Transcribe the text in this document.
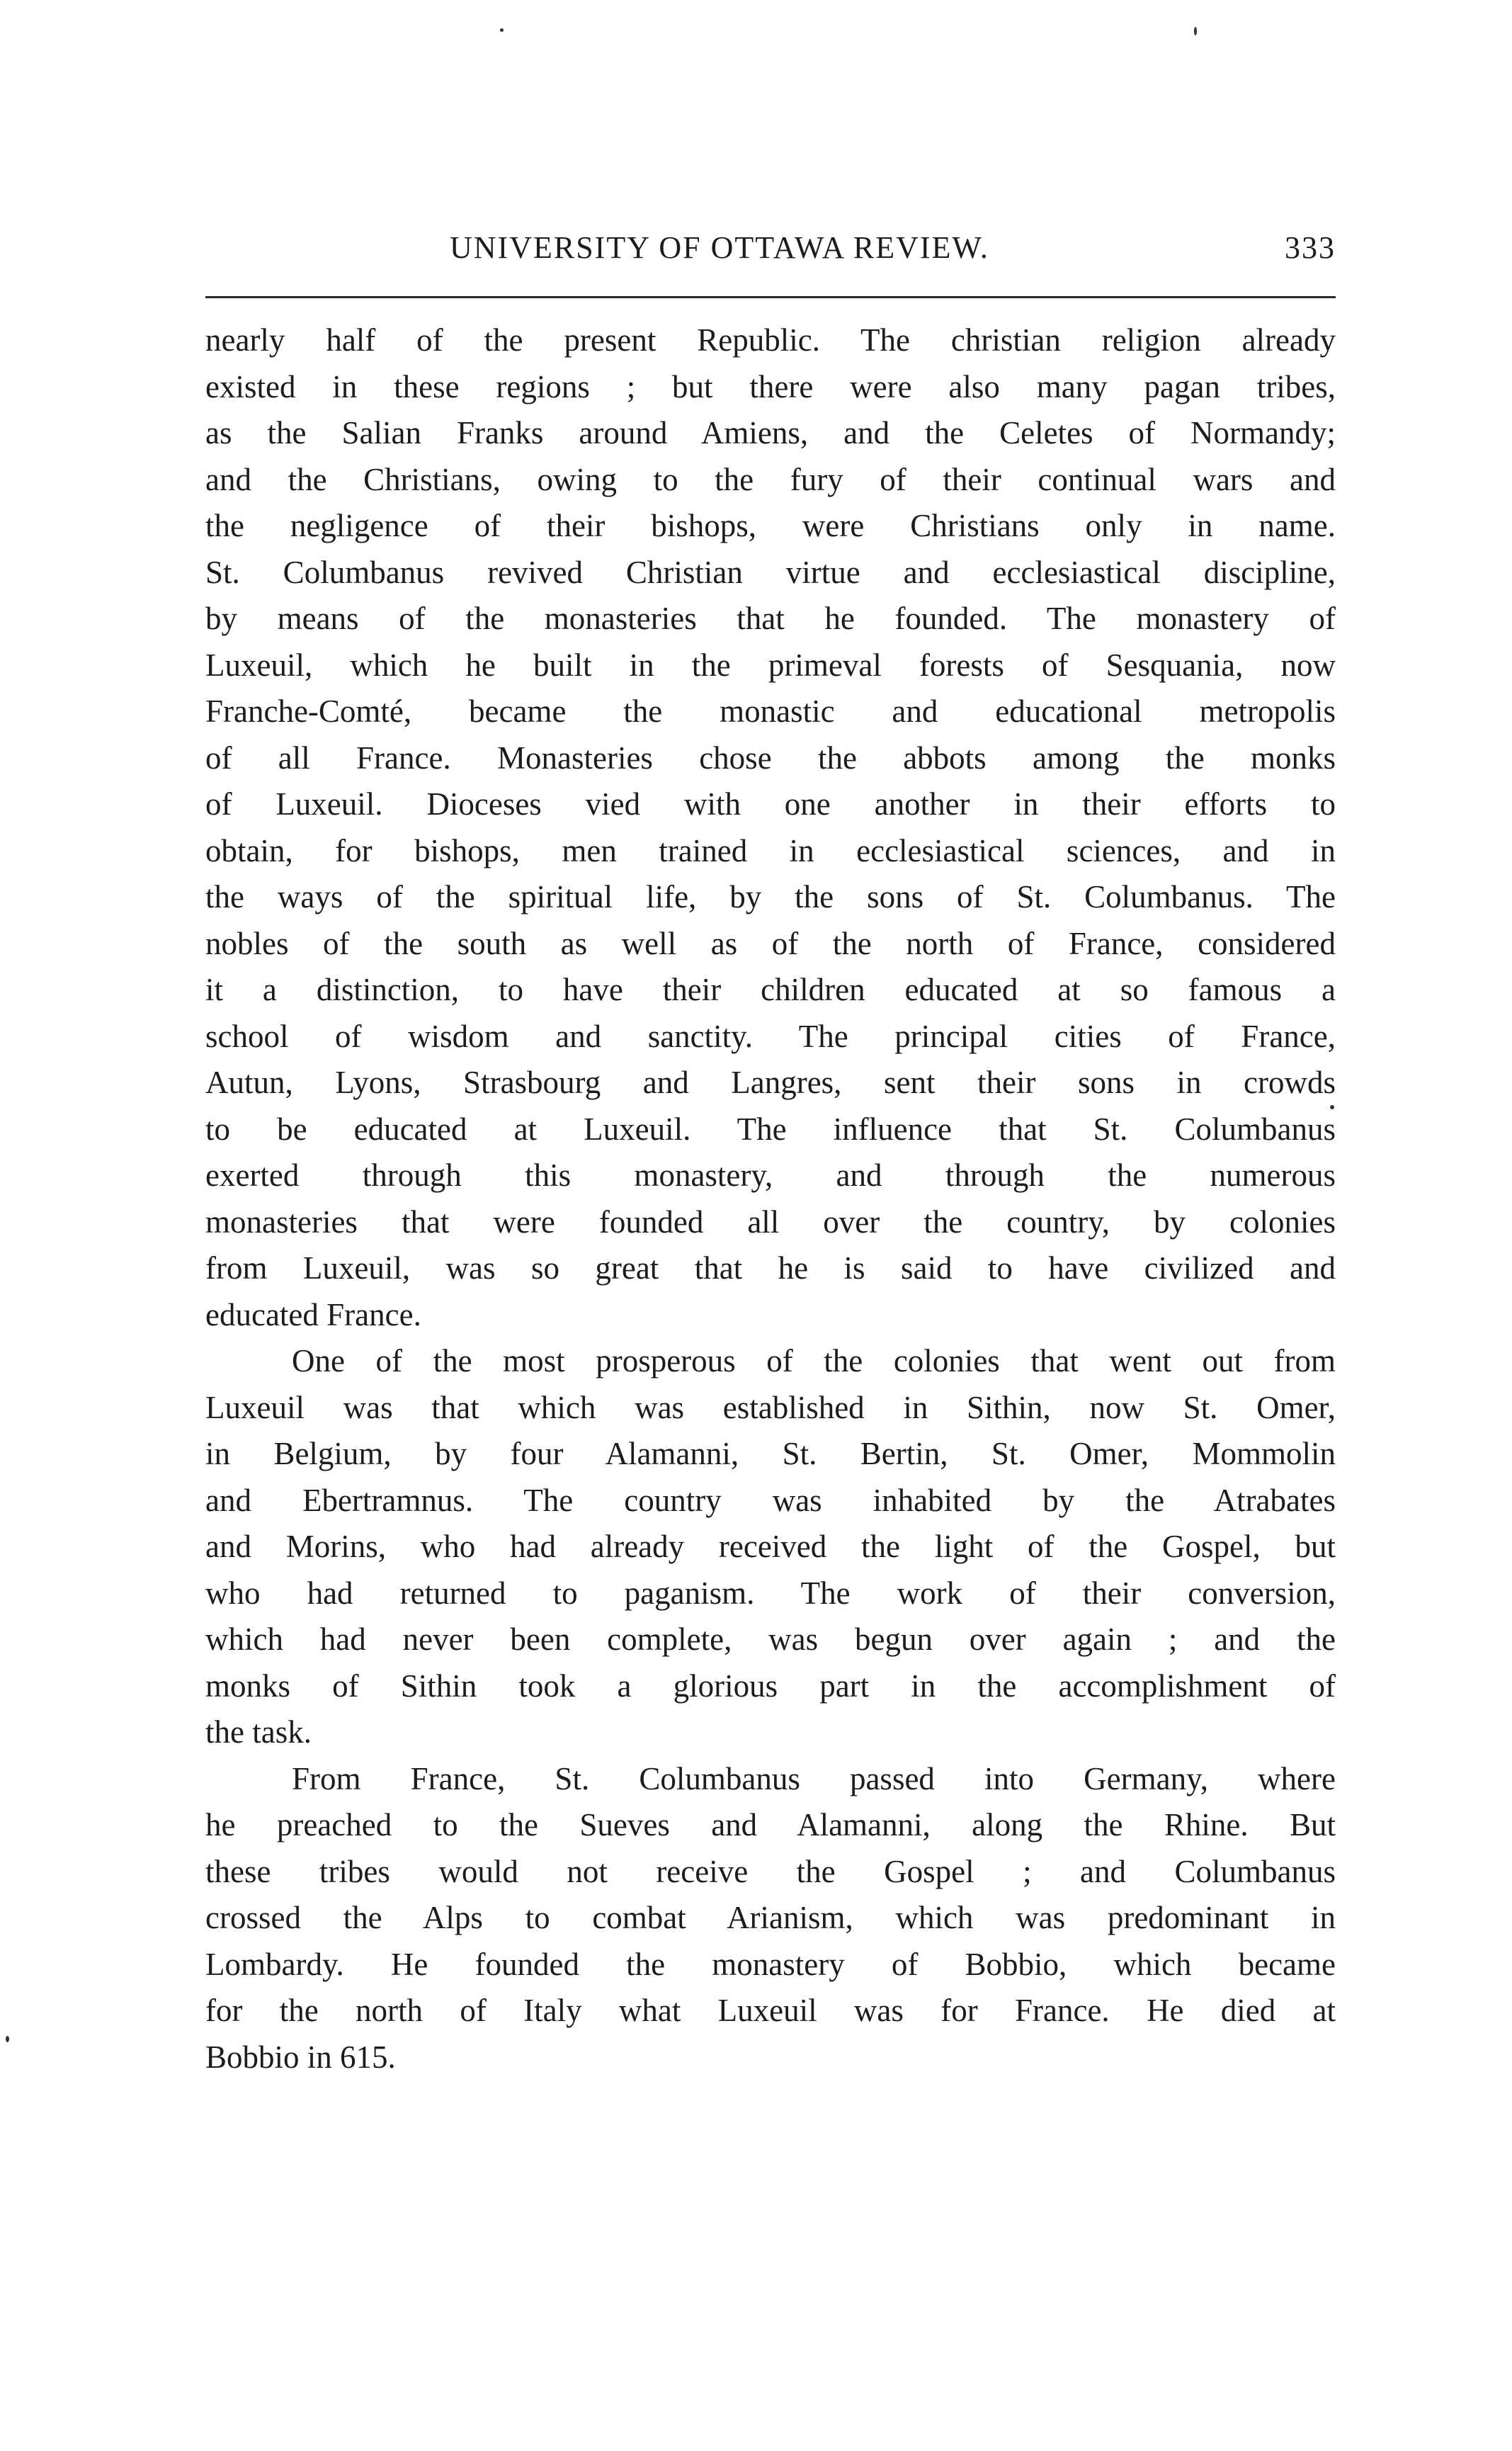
UNIVERSITY OF OTTAWA REVIEW.	333
nearly half of the present Republic. The christian religion already
existed in these regions ; but there were also many pagan tribes,
as the Salian Franks around Amiens, and the Celetes of Normandy;
and the Christians, owing to the fury of their continual wars and
the negligence of their bishops, were Christians only in name.
St. Columbanus revived Christian virtue and ecclesiastical discipline,
by means of the monasteries that he founded. The monastery of
Luxeuil, which he built in the primeval forests of Sesquania, now
Franche-Comté, became the monastic and educational metropolis
of all France. Monasteries chose the abbots among the monks
of Luxeuil. Dioceses vied with one another in their efforts to
obtain, for bishops, men trained in ecclesiastical sciences, and in
the ways of the spiritual life, by the sons of St. Columbanus. The
nobles of the south as well as of the north of France, considered
it a distinction, to have their children educated at so famous a
school of wisdom and sanctity. The principal cities of France,
Autun, Lyons, Strasbourg and Langres, sent their sons in crowds
to be educated at Luxeuil. The influence that St. Columbanus
exerted through this monastery, and through the numerous
monasteries that were founded all over the country, by colonies
from Luxeuil, was so great that he is said to have civilized and
educated France.
One of the most prosperous of the colonies that went out from
Luxeuil was that which was established in Sithin, now St. Omer,
in Belgium, by four Alamanni, St. Bertin, St. Omer, Mommolin
and Ebertramnus. The country was inhabited by the Atrabates
and Morins, who had already received the light of the Gospel, but
who had returned to paganism. The work of their conversion,
which had never been complete, was begun over again ; and the
monks of Sithin took a glorious part in the accomplishment of
the task.
From France, St. Columbanus passed into Germany, where
he preached to the Sueves and Alamanni, along the Rhine. But
these tribes would not receive the Gospel ; and Columbanus
crossed the Alps to combat Arianism, which was predominant in
Lombardy. He founded the monastery of Bobbio, which became
for the north of Italy what Luxeuil was for France. He died at
Bobbio in 615.
